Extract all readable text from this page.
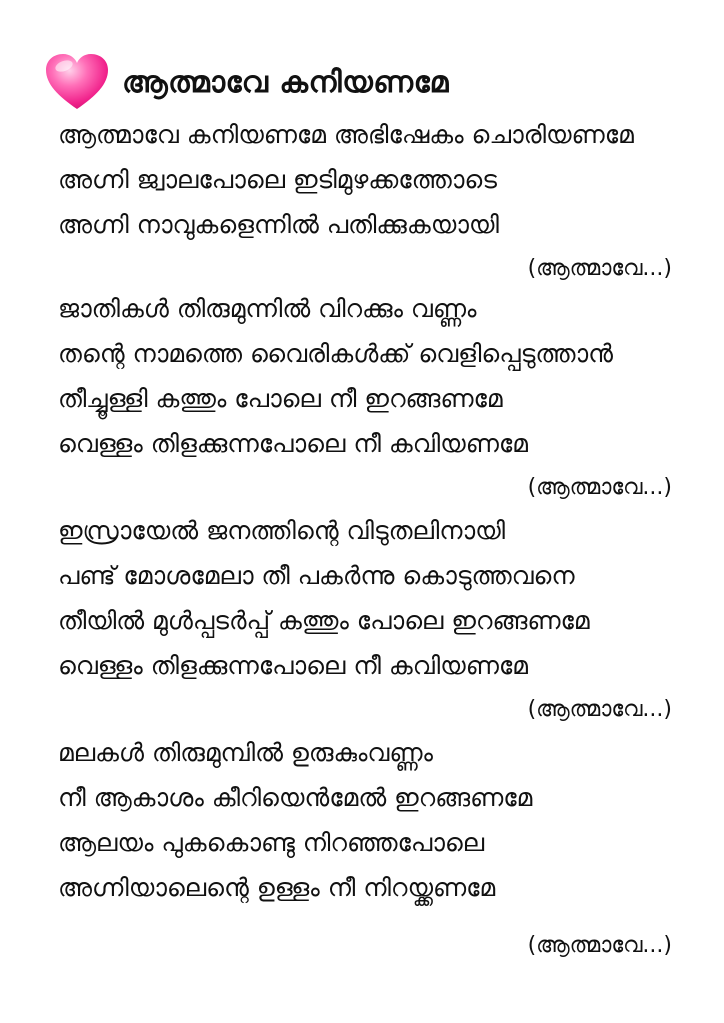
ആത്മാവേ കനിയണമേ
ആത്മാവേ കനിയണമേ അഭിഷേകം ചൊരിയണമേ
അഗ്നി ജ്വാലപോലെ ഇടിമുഴക്കത്തോടെ
അഗ്നി നാവുകളെന്നിൽ പതിക്കുകയായി
(ആത്മാവേ...)
ജാതികൾ തിരുമുന്നിൽ വിറക്കും വണ്ണം
തന്റെ നാമത്തെ വൈരികൾക്ക് വെളിപ്പെടുത്താൻ
തീച്ചൂള്ളി കത്തും പോലെ നീ ഇറങ്ങണമേ
വെള്ളം തിളക്കുന്നപോലെ നീ കവിയണമേ
(ആത്മാവേ...)
ഇസ്രായേൽ ജനത്തിന്റെ വിടുതലിനായി
പണ്ട് മോശമേലാ തീ പകർന്നു കൊടുത്തവനെ
തീയിൽ മുൾപ്പടർപ്പ് കത്തും പോലെ ഇറങ്ങണമേ
വെള്ളം തിളക്കുന്നപോലെ നീ കവിയണമേ
(ആത്മാവേ...)
മലകൾ തിരുമുമ്പിൽ ഉരുകുംവണ്ണം
നീ ആകാശം കീറിയെൻമേൽ ഇറങ്ങണമേ
ആലയം പുകകൊണ്ടു നിറഞ്ഞപോലെ
അഗ്നിയാലെന്റെ ഉള്ളം നീ നിറയ്ക്കണമേ
(ആത്മാവേ...)
